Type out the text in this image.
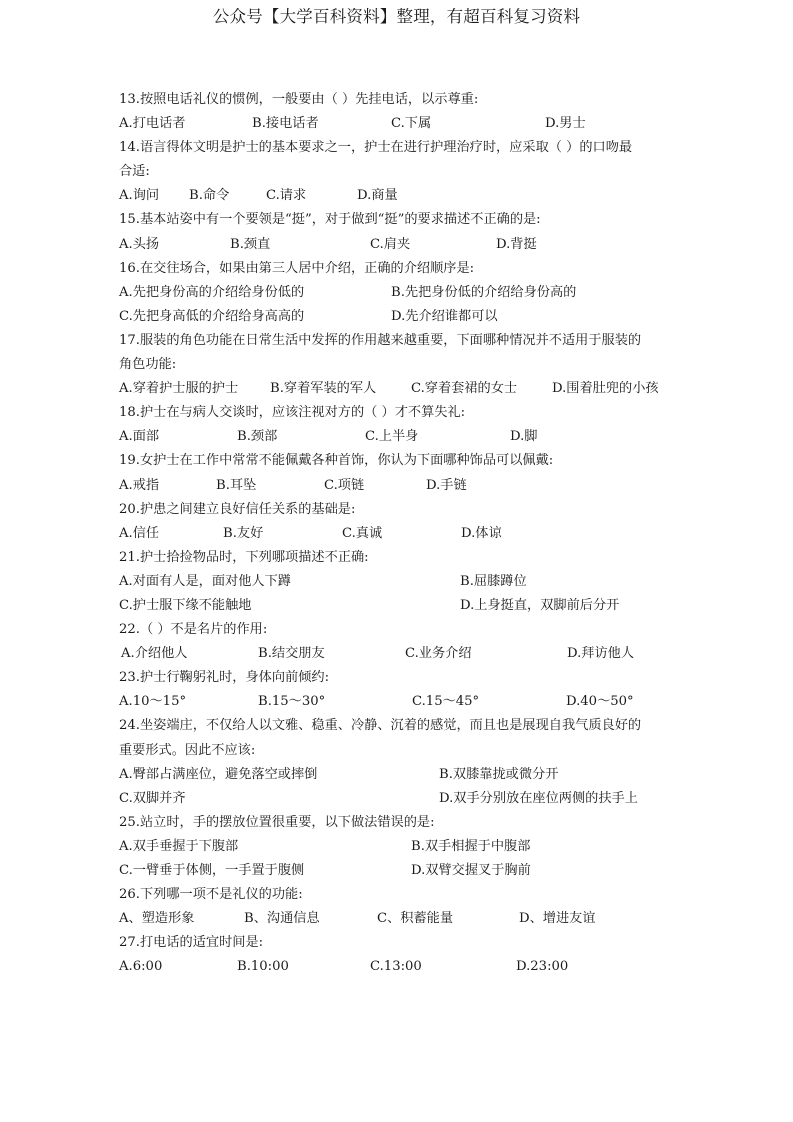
公众号【大学百科资料】整理，有超百科复习资料
13.按照电话礼仪的惯例，一般要由（ ）先挂电话，以示尊重:
A.打电话者	B.接电话者	C.下属	D.男士
14.语言得体文明是护士的基本要求之一，护士在进行护理治疗时，应采取（ ）的口吻最
合适:
A.询问 B.命令	C.请求	D.商量
15.基本站姿中有一个要领是“挺”，对于做到“挺”的要求描述不正确的是:
A.头扬	B.颈直	C.肩夹	D.背挺
16.在交往场合，如果由第三人居中介绍，正确的介绍顺序是:
A.先把身份高的介绍给身份低的	B.先把身份低的介绍给身份高的
C.先把身高低的介绍给身高高的	D.先介绍谁都可以
17.服装的角色功能在日常生活中发挥的作用越来越重要，下面哪种情况并不适用于服装的
角色功能:
A.穿着护士服的护士 B.穿着军装的军人	C.穿着套裙的女士	D.围着肚兜的小孩
18.护士在与病人交谈时，应该注视对方的（ ）才不算失礼:
A.面部	B.颈部	C.上半身	D.脚
19.女护士在工作中常常不能佩戴各种首饰，你认为下面哪种饰品可以佩戴:
A.戒指	B.耳坠	C.项链	D.手链
20.护患之间建立良好信任关系的基础是:
A.信任	B.友好	C.真诚	D.体谅
21.护士拾捡物品时，下列哪项描述不正确:
A.对面有人是，面对他人下蹲	B.屈膝蹲位
C.护士服下缘不能触地	D.上身挺直，双脚前后分开
22.（ ）不是名片的作用:
A.介绍他人	B.结交朋友	C.业务介绍	D.拜访他人
23.护士行鞠躬礼时，身体向前倾约:
A.10～15°	B.15～30°	C.15～45°	D.40～50°
24.坐姿端庄，不仅给人以文雅、稳重、冷静、沉着的感觉，而且也是展现自我气质良好的
重要形式。因此不应该:
A.臀部占满座位，避免落空或摔倒	B.双膝靠拢或微分开
C.双脚并齐	D.双手分别放在座位两侧的扶手上
25.站立时，手的摆放位置很重要，以下做法错误的是:
A.双手垂握于下腹部	B.双手相握于中腹部
C.一臂垂于体侧，一手置于腹侧	D.双臂交握叉于胸前
26.下列哪一项不是礼仪的功能:
A、塑造形象	B、沟通信息	C、积蓄能量	D、增进友谊
27.打电话的适宜时间是:
A.6:00	B.10:00	C.13:00	D.23:00
